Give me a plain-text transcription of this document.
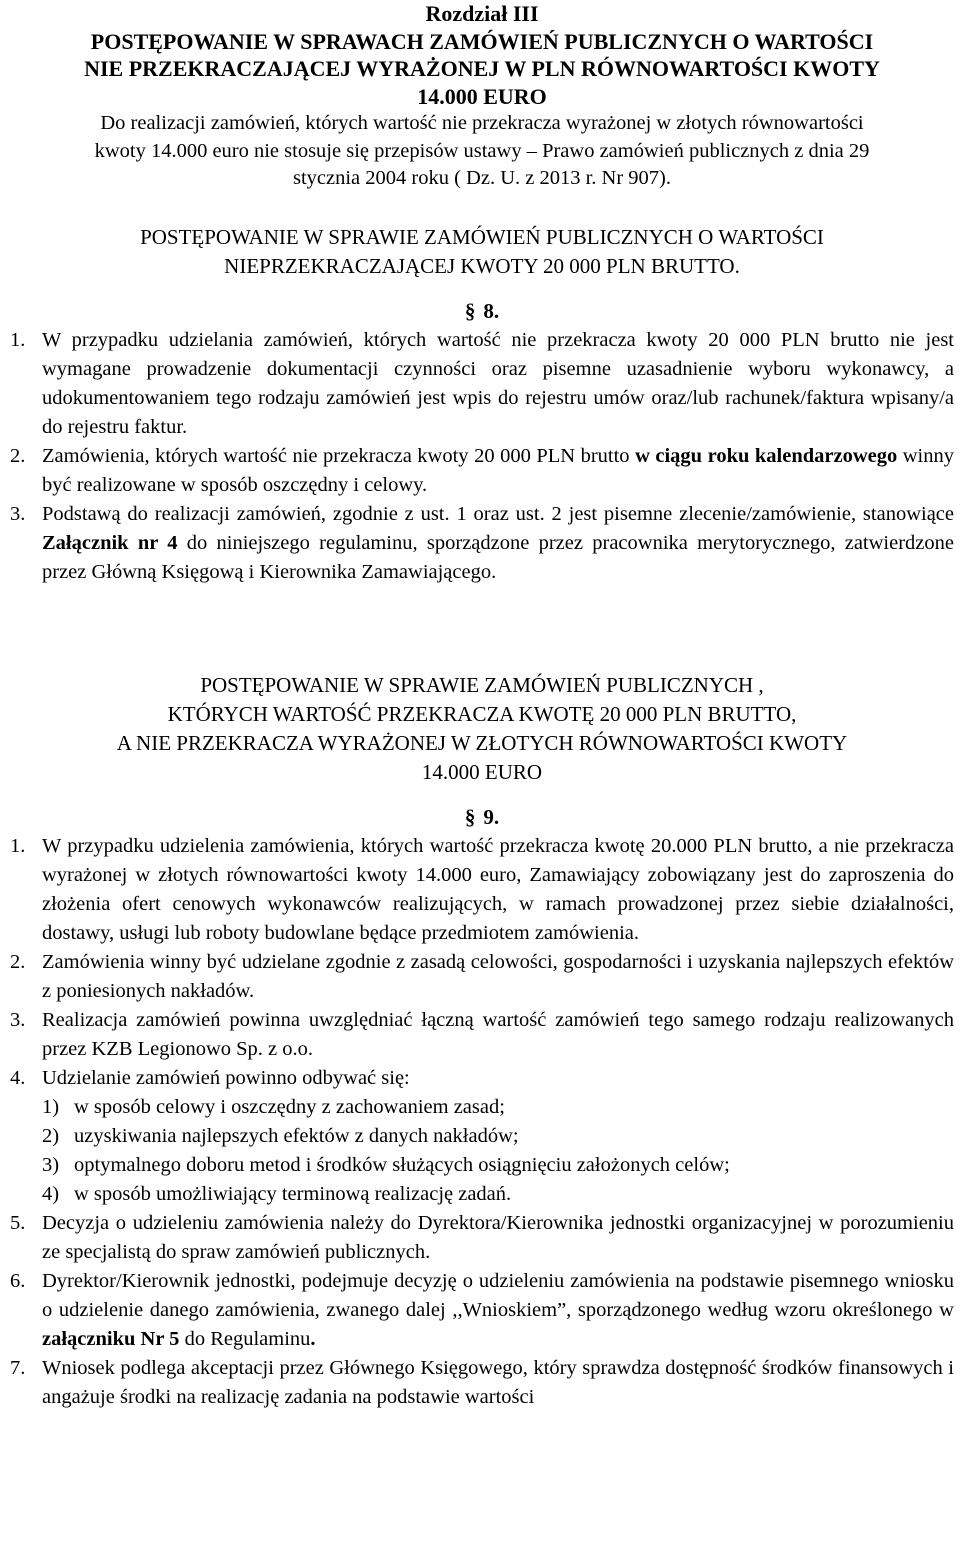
Rozdział III
POSTĘPOWANIE W SPRAWACH ZAMÓWIEŃ PUBLICZNYCH O WARTOŚCI
NIE PRZEKRACZAJĄCEJ WYRAŻONEJ W PLN RÓWNOWARTOŚCI KWOTY
14.000 EURO
Do realizacji zamówień, których wartość nie przekracza wyrażonej w złotych równowartości
kwoty 14.000 euro nie stosuje się przepisów ustawy – Prawo zamówień publicznych z dnia 29
stycznia 2004 roku ( Dz. U. z 2013 r. Nr 907).
POSTĘPOWANIE W SPRAWIE ZAMÓWIEŃ PUBLICZNYCH O WARTOŚCI
NIEPRZEKRACZAJĄCEJ KWOTY 20 000 PLN BRUTTO.
§ 8.
1. W przypadku udzielania zamówień, których wartość nie przekracza kwoty 20 000 PLN brutto nie jest wymagane prowadzenie dokumentacji czynności oraz pisemne uzasadnienie wyboru wykonawcy, a udokumentowaniem tego rodzaju zamówień jest wpis do rejestru umów oraz/lub rachunek/faktura wpisany/a do rejestru faktur.
2. Zamówienia, których wartość nie przekracza kwoty 20 000 PLN brutto w ciągu roku kalendarzowego winny być realizowane w sposób oszczędny i celowy.
3. Podstawą do realizacji zamówień, zgodnie z ust. 1 oraz ust. 2 jest pisemne zlecenie/zamówienie, stanowiące Załącznik nr 4 do niniejszego regulaminu, sporządzone przez pracownika merytorycznego, zatwierdzone przez Główną Księgową i Kierownika Zamawiającego.
POSTĘPOWANIE W SPRAWIE ZAMÓWIEŃ PUBLICZNYCH ,
KTÓRYCH WARTOŚĆ PRZEKRACZA KWOTĘ 20 000 PLN BRUTTO,
A NIE PRZEKRACZA WYRAŻONEJ W ZŁOTYCH RÓWNOWARTOŚCI KWOTY
14.000 EURO
§ 9.
1. W przypadku udzielenia zamówienia, których wartość przekracza kwotę 20.000 PLN brutto, a nie przekracza wyrażonej w złotych równowartości kwoty 14.000 euro, Zamawiający zobowiązany jest do zaproszenia do złożenia ofert cenowych wykonawców realizujących, w ramach prowadzonej przez siebie działalności, dostawy, usługi lub roboty budowlane będące przedmiotem zamówienia.
2. Zamówienia winny być udzielane zgodnie z zasadą celowości, gospodarności i uzyskania najlepszych efektów z poniesionych nakładów.
3. Realizacja zamówień powinna uwzględniać łączną wartość zamówień tego samego rodzaju realizowanych przez KZB Legionowo Sp. z o.o.
4. Udzielanie zamówień powinno odbywać się:
1) w sposób celowy i oszczędny z zachowaniem zasad;
2) uzyskiwania najlepszych efektów z danych nakładów;
3) optymalnego doboru metod i środków służących osiągnięciu założonych celów;
4) w sposób umożliwiający terminową realizację zadań.
5. Decyzja o udzieleniu zamówienia należy do Dyrektora/Kierownika jednostki organizacyjnej w porozumieniu ze specjalistą do spraw zamówień publicznych.
6. Dyrektor/Kierownik jednostki, podejmuje decyzję o udzieleniu zamówienia na podstawie pisemnego wniosku o udzielenie danego zamówienia, zwanego dalej ,,Wnioskiem”, sporządzonego według wzoru określonego w załączniku Nr 5 do Regulaminu.
7. Wniosek podlega akceptacji przez Głównego Księgowego, który sprawdza dostępność środków finansowych i angażuje środki na realizację zadania na podstawie wartości
